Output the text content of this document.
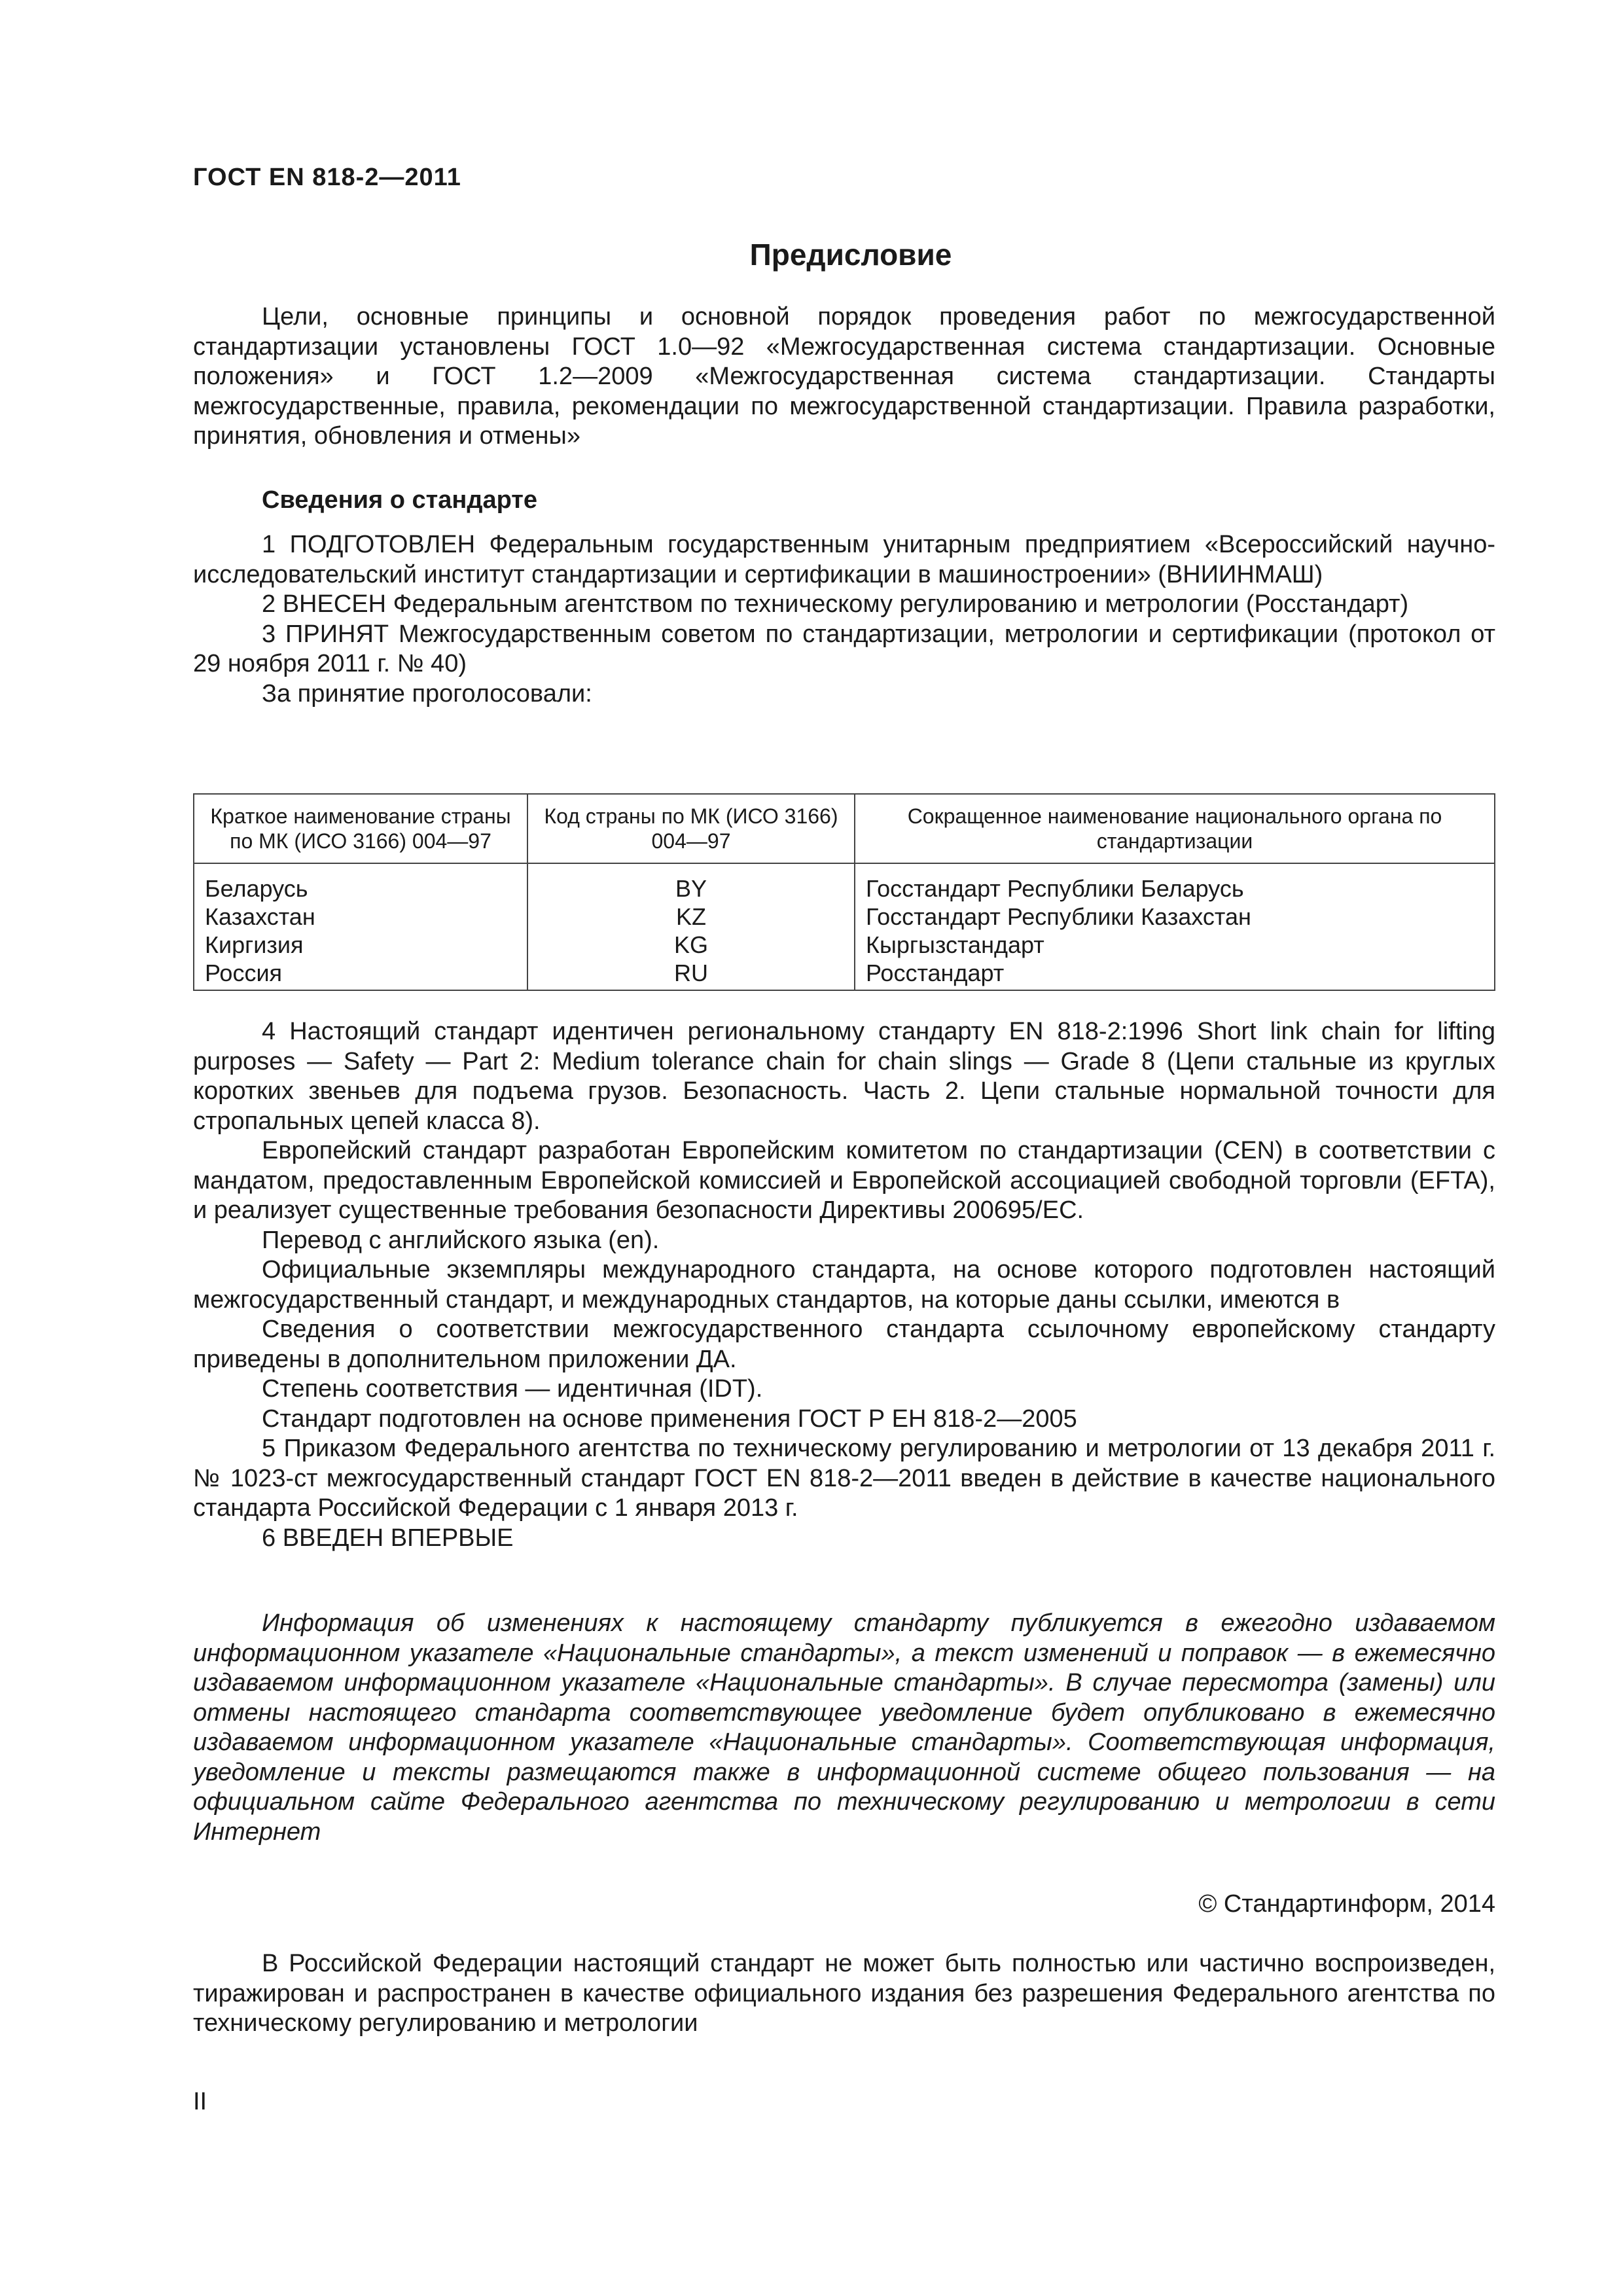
ГОСТ EN 818-2—2011
Предисловие

Цели, основные принципы и основной порядок проведения работ по межгосударственной стандартизации установлены ГОСТ 1.0—92 «Межгосударственная система стандартизации. Основные положения» и ГОСТ 1.2—2009 «Межгосударственная система стандартизации. Стандарты межгосударственные, правила, рекомендации по межгосударственной стандартизации. Правила разработки, принятия, обновления и отмены»

Сведения о стандарте

1 ПОДГОТОВЛЕН Федеральным государственным унитарным предприятием «Всероссийский научно-исследовательский институт стандартизации и сертификации в машиностроении» (ВНИИНМАШ)

2 ВНЕСЕН Федеральным агентством по техническому регулированию и метрологии (Росстандарт)

3 ПРИНЯТ Межгосударственным советом по стандартизации, метрологии и сертификации (протокол от 29 ноября 2011 г. № 40)

За принятие проголосовали:

Краткое наименование страны по МК (ИСО 3166) 004—97	Код страны по МК (ИСО 3166) 004—97	Сокращенное наименование национального органа по стандартизации
Беларусь	BY	Госстандарт Республики Беларусь
Казахстан	KZ	Госстандарт Республики Казахстан
Киргизия	KG	Кыргызстандарт
Россия	RU	Росстандарт

4 Настоящий стандарт идентичен региональному стандарту EN 818-2:1996 Short link chain for lifting purposes — Safety — Part 2: Medium tolerance chain for chain slings — Grade 8 (Цепи стальные из круглых коротких звеньев для подъема грузов. Безопасность. Часть 2. Цепи стальные нормальной точности для стропальных цепей класса 8).

Европейский стандарт разработан Европейским комитетом по стандартизации (CEN) в соответствии с мандатом, предоставленным Европейской комиссией и Европейской ассоциацией свободной торговли (EFTA), и реализует существенные требования безопасности Директивы 200695/ЕС.

Перевод с английского языка (en).

Официальные экземпляры международного стандарта, на основе которого подготовлен настоящий межгосударственный стандарт, и международных стандартов, на которые даны ссылки, имеются в

Сведения о соответствии межгосударственного стандарта ссылочному европейскому стандарту приведены в дополнительном приложении ДА.

Степень соответствия — идентичная (IDT).

Стандарт подготовлен на основе применения ГОСТ Р ЕН 818-2—2005

5 Приказом Федерального агентства по техническому регулированию и метрологии от 13 декабря 2011 г. № 1023-ст межгосударственный стандарт ГОСТ EN 818-2—2011 введен в действие в качестве национального стандарта Российской Федерации с 1 января 2013 г.

6 ВВЕДЕН ВПЕРВЫЕ

Информация об изменениях к настоящему стандарту публикуется в ежегодно издаваемом информационном указателе «Национальные стандарты», а текст изменений и поправок — в ежемесячно издаваемом информационном указателе «Национальные стандарты». В случае пересмотра (замены) или отмены настоящего стандарта соответствующее уведомление будет опубликовано в ежемесячно издаваемом информационном указателе «Национальные стандарты». Соответствующая информация, уведомление и тексты размещаются также в информационной системе общего пользования — на официальном сайте Федерального агентства по техническому регулированию и метрологии в сети Интернет

© Стандартинформ, 2014

В Российской Федерации настоящий стандарт не может быть полностью или частично воспроизведен, тиражирован и распространен в качестве официального издания без разрешения Федерального агентства по техническому регулированию и метрологии

II
